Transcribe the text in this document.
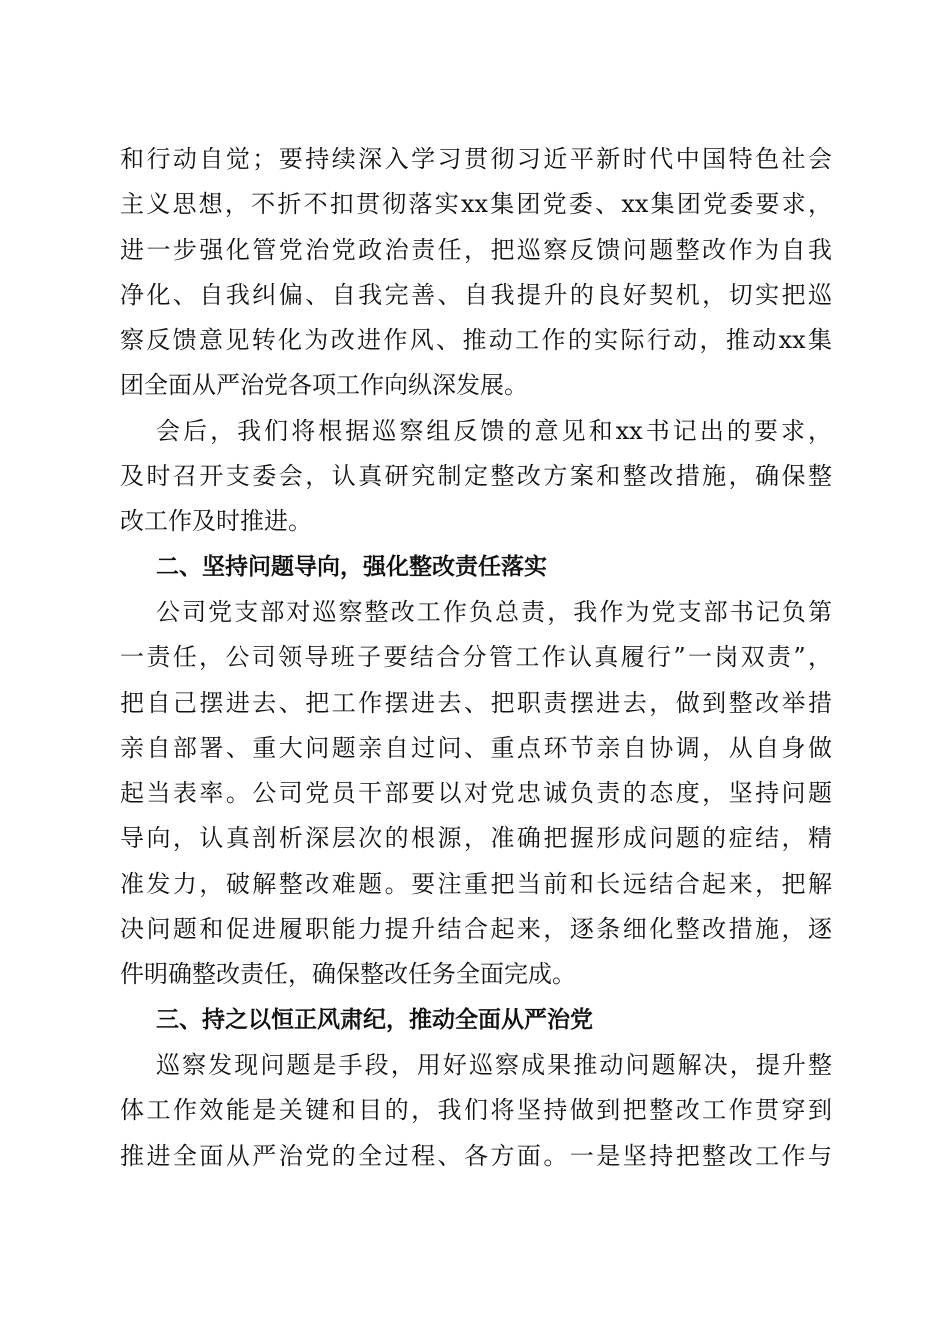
和行动自觉；要持续深入学习贯彻习近平新时代中国特色社会
主义思想，不折不扣贯彻落实xx集团党委、xx集团党委要求，
进一步强化管党治党政治责任，把巡察反馈问题整改作为自我
净化、自我纠偏、自我完善、自我提升的良好契机，切实把巡
察反馈意见转化为改进作风、推动工作的实际行动，推动xx集
团全面从严治党各项工作向纵深发展。
会后，我们将根据巡察组反馈的意见和xx书记出的要求，
及时召开支委会，认真研究制定整改方案和整改措施，确保整
改工作及时推进。
二、坚持问题导向，强化整改责任落实
公司党支部对巡察整改工作负总责，我作为党支部书记负第
一责任，公司领导班子要结合分管工作认真履行”一岗双责”，
把自己摆进去、把工作摆进去、把职责摆进去，做到整改举措
亲自部署、重大问题亲自过问、重点环节亲自协调，从自身做
起当表率。公司党员干部要以对党忠诚负责的态度，坚持问题
导向，认真剖析深层次的根源，准确把握形成问题的症结，精
准发力，破解整改难题。要注重把当前和长远结合起来，把解
决问题和促进履职能力提升结合起来，逐条细化整改措施，逐
件明确整改责任，确保整改任务全面完成。
三、持之以恒正风肃纪，推动全面从严治党
巡察发现问题是手段，用好巡察成果推动问题解决，提升整
体工作效能是关键和目的，我们将坚持做到把整改工作贯穿到
推进全面从严治党的全过程、各方面。一是坚持把整改工作与
